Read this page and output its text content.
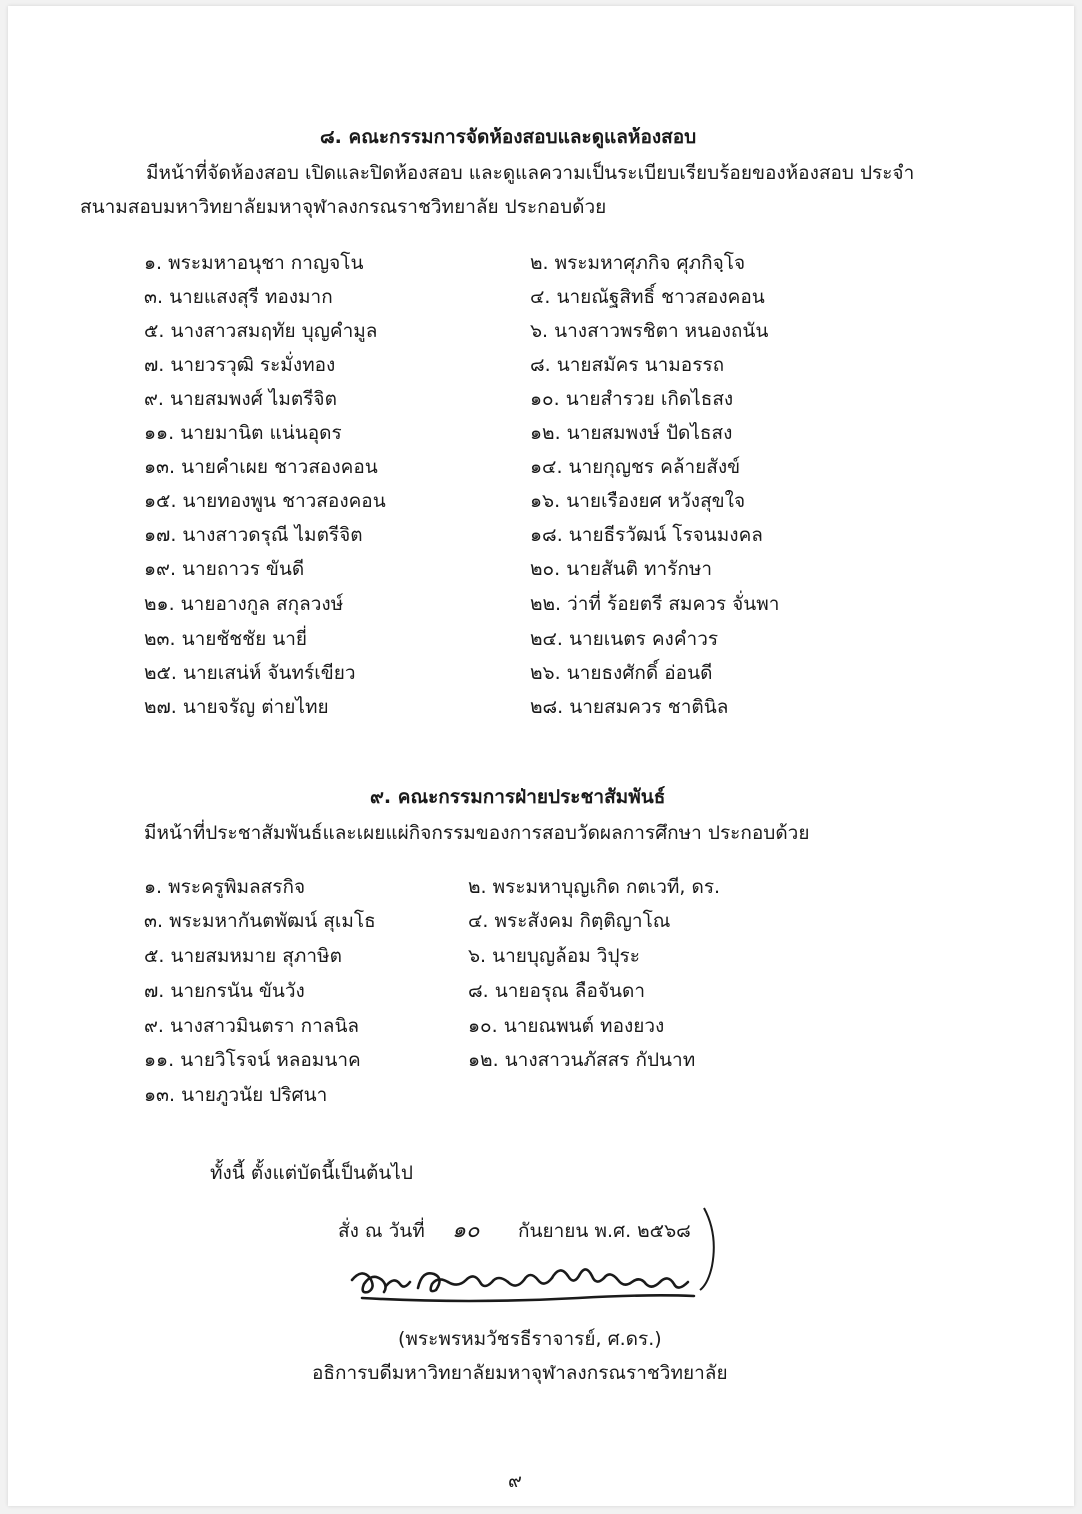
๘. คณะกรรมการจัดห้องสอบและดูแลห้องสอบ
มีหน้าที่จัดห้องสอบ เปิดและปิดห้องสอบ และดูแลความเป็นระเบียบเรียบร้อยของห้องสอบ ประจำ
สนามสอบมหาวิทยาลัยมหาจุฬาลงกรณราชวิทยาลัย ประกอบด้วย
๑. พระมหาอนุชา กาญจโน	๒. พระมหาศุภกิจ ศุภกิจฺโจ
๓. นายแสงสุรี ทองมาก	๔. นายณัฐสิทธิ์ ชาวสองคอน
๕. นางสาวสมฤทัย บุญคำมูล	๖. นางสาวพรชิตา หนองถนัน
๗. นายวรวุฒิ ระมั่งทอง	๘. นายสมัคร นามอรรถ
๙. นายสมพงศ์ ไมตรีจิต	๑๐. นายสำรวย เกิดไธสง
๑๑. นายมานิต แน่นอุดร	๑๒. นายสมพงษ์ ปัดไธสง
๑๓. นายคำเผย ชาวสองคอน	๑๔. นายกุญชร คล้ายสังข์
๑๕. นายทองพูน ชาวสองคอน	๑๖. นายเรืองยศ หวังสุขใจ
๑๗. นางสาวดรุณี ไมตรีจิต	๑๘. นายธีรวัฒน์ โรจนมงคล
๑๙. นายถาวร ขันดี	๒๐. นายสันติ ทารักษา
๒๑. นายอางกูล สกุลวงษ์	๒๒. ว่าที่ ร้อยตรี สมควร จั่นพา
๒๓. นายชัชชัย นายี่	๒๔. นายเนตร คงคำวร
๒๕. นายเสน่ห์ จันทร์เขียว	๒๖. นายธงศักดิ์ อ่อนดี
๒๗. นายจรัญ ต่ายไทย	๒๘. นายสมควร ชาตินิล
๙. คณะกรรมการฝ่ายประชาสัมพันธ์
มีหน้าที่ประชาสัมพันธ์และเผยแผ่กิจกรรมของการสอบวัดผลการศึกษา ประกอบด้วย
๑. พระครูพิมลสรกิจ	๒. พระมหาบุญเกิด กตเวที, ดร.
๓. พระมหากันตพัฒน์ สุเมโธ	๔. พระสังคม กิตฺติญาโณ
๕. นายสมหมาย สุภาษิต	๖. นายบุญล้อม วิปุระ
๗. นายกรนัน ขันวัง	๘. นายอรุณ ลือจันดา
๙. นางสาวมินตรา กาลนิล	๑๐. นายณพนต์ ทองยวง
๑๑. นายวิโรจน์ หลอมนาค	๑๒. นางสาวนภัสสร กัปนาท
๑๓. นายภูวนัย ปริศนา
ทั้งนี้ ตั้งแต่บัดนี้เป็นต้นไป
สั่ง ณ วันที่ ๑๐ กันยายน พ.ศ. ๒๕๖๘
(พระพรหมวัชรธีราจารย์, ศ.ดร.)
อธิการบดีมหาวิทยาลัยมหาจุฬาลงกรณราชวิทยาลัย
๙
